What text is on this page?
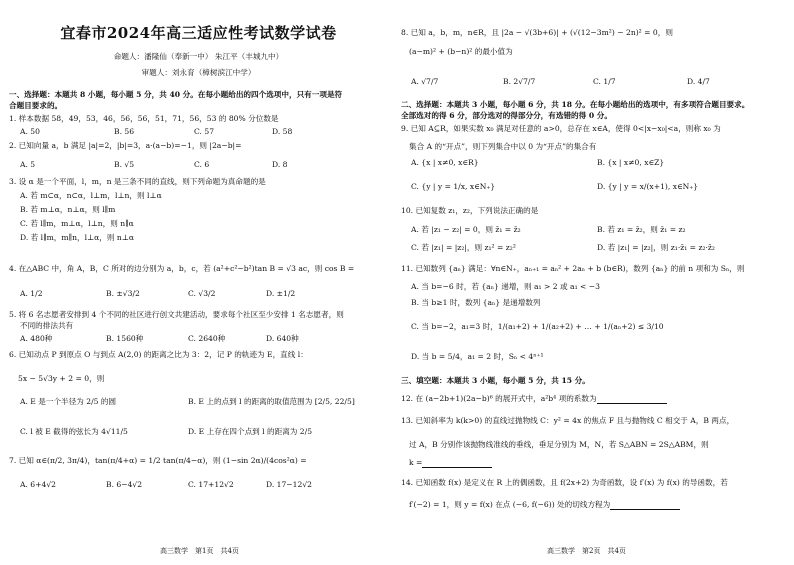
宜春市2024年高三适应性考试数学试卷
命题人：潘隆仙（奉新一中） 朱江平（丰城九中）
审题人：刘永育（樟树滨江中学）
一、选择题：本题共 8 小题，每小题 5 分，共 40 分。在每小题给出的四个选项中，只有一项是符
合题目要求的。
1. 样本数据 58，49，53，46，56，56，51，71，56，53 的 80% 分位数是
A. 50	B. 56	C. 57	D. 58
2. 已知向量 a，b 满足 |a|=2，|b|=3，a·(a−b)=−1，则 |2a−b|=
A. 5	B. √5	C. 6	D. 8
3. 设 α 是一个平面，l，m，n 是三条不同的直线，则下列命题为真命题的是
A. 若 m⊂α，n⊂α，l⊥m，l⊥n，则 l⊥α
B. 若 m⊥α，n⊥α，则 l∥m
C. 若 l∥m，m⊥α，l⊥n，则 n∥α
D. 若 l∥m，m∥n，l⊥α，则 n⊥α
4. 在△ABC 中，角 A，B，C 所对的边分别为 a，b，c，若 (a²+c²−b²)tan B = √3 ac，则 cos B =
A. 1/2	B. ±√3/2	C. √3/2	D. ±1/2
5. 将 6 名志愿者安排到 4 个不同的社区进行创文共建活动，要求每个社区至少安排 1 名志愿者，则
不同的排法共有
A. 480种	B. 1560种	C. 2640种	D. 640种
6. 已知动点 P 到原点 O 与到点 A(2,0) 的距离之比为 3：2，记 P 的轨迹为 E，直线 l：
5x − 5√3y + 2 = 0，则
A. E 是一个半径为 2/5 的圆	B. E 上的点到 l 的距离的取值范围为 [2/5, 22/5]
C. l 被 E 截得的弦长为 4√11/5	D. E 上存在四个点到 l 的距离为 2/5
7. 已知 α∈(π/2, 3π/4)，tan(π/4+α) = 1/2 tan(π/4−α)，则 (1−sin 2α)/(4cos²α) =
A. 6+4√2	B. 6−4√2	C. 17+12√2	D. 17−12√2
高三数学　第1页　共4页
8. 已知 a，b，m，n∈R，且 |2a − √(3b+6)| + (√(12−3m²) − 2n)² = 0，则
(a−m)² + (b−n)² 的最小值为
A. √7/7	B. 2√7/7	C. 1/7	D. 4/7
二、选择题：本题共 3 小题，每小题 6 分，共 18 分。在每小题给出的选项中，有多项符合题目要求。
全部选对的得 6 分，部分选对的得部分分，有选错的得 0 分。
9. 已知 A⊆R，如果实数 x₀ 满足对任意的 a>0，总存在 x∈A，使得 0<|x−x₀|<a，则称 x₀ 为
集合 A 的“开点”，则下列集合中以 0 为“开点”的集合有
A. {x | x≠0, x∈R}	B. {x | x≠0, x∈Z}
C. {y | y = 1/x, x∈N₊}	D. {y | y = x/(x+1), x∈N₊}
10. 已知复数 z₁，z₂，下列说法正确的是
A. 若 |z₁ − z₂| = 0，则 z̄₁ = z̄₂	B. 若 z₁ = z̄₂，则 z̄₁ = z₂
C. 若 |z₁| = |z₂|，则 z₁² = z₂²	D. 若 |z₁| = |z₂|，则 z₁·z̄₁ = z₂·z̄₂
11. 已知数列 {aₙ} 满足：∀n∈N₊，aₙ₊₁ = aₙ² + 2aₙ + b (b∈R)，数列 {aₙ} 的前 n 项和为 Sₙ，则
A. 当 b=−6 时，若 {aₙ} 递增，则 a₁ > 2 或 a₁ < −3
B. 当 b≥1 时，数列 {aₙ} 是递增数列
C. 当 b=−2，a₁=3 时，1/(a₁+2) + 1/(a₂+2) + … + 1/(aₙ+2) ≤ 3/10
D. 当 b = 5/4，a₁ = 2 时，Sₙ < 4ⁿ⁺¹
三、填空题：本题共 3 小题，每小题 5 分，共 15 分。
12. 在 (a−2b+1)(2a−b)⁶ 的展开式中，a²b⁴ 项的系数为
13. 已知斜率为 k(k>0) 的直线过抛物线 C：y² = 4x 的焦点 F 且与抛物线 C 相交于 A，B 两点，
过 A，B 分别作该抛物线准线的垂线，垂足分别为 M，N，若 S△ABN = 2S△ABM，则
k =
14. 已知函数 f(x) 是定义在 R 上的偶函数，且 f(2x+2) 为奇函数，设 f′(x) 为 f(x) 的导函数，若
f′(−2) = 1，则 y = f(x) 在点 (−6, f(−6)) 处的切线方程为
高三数学　第2页　共4页
